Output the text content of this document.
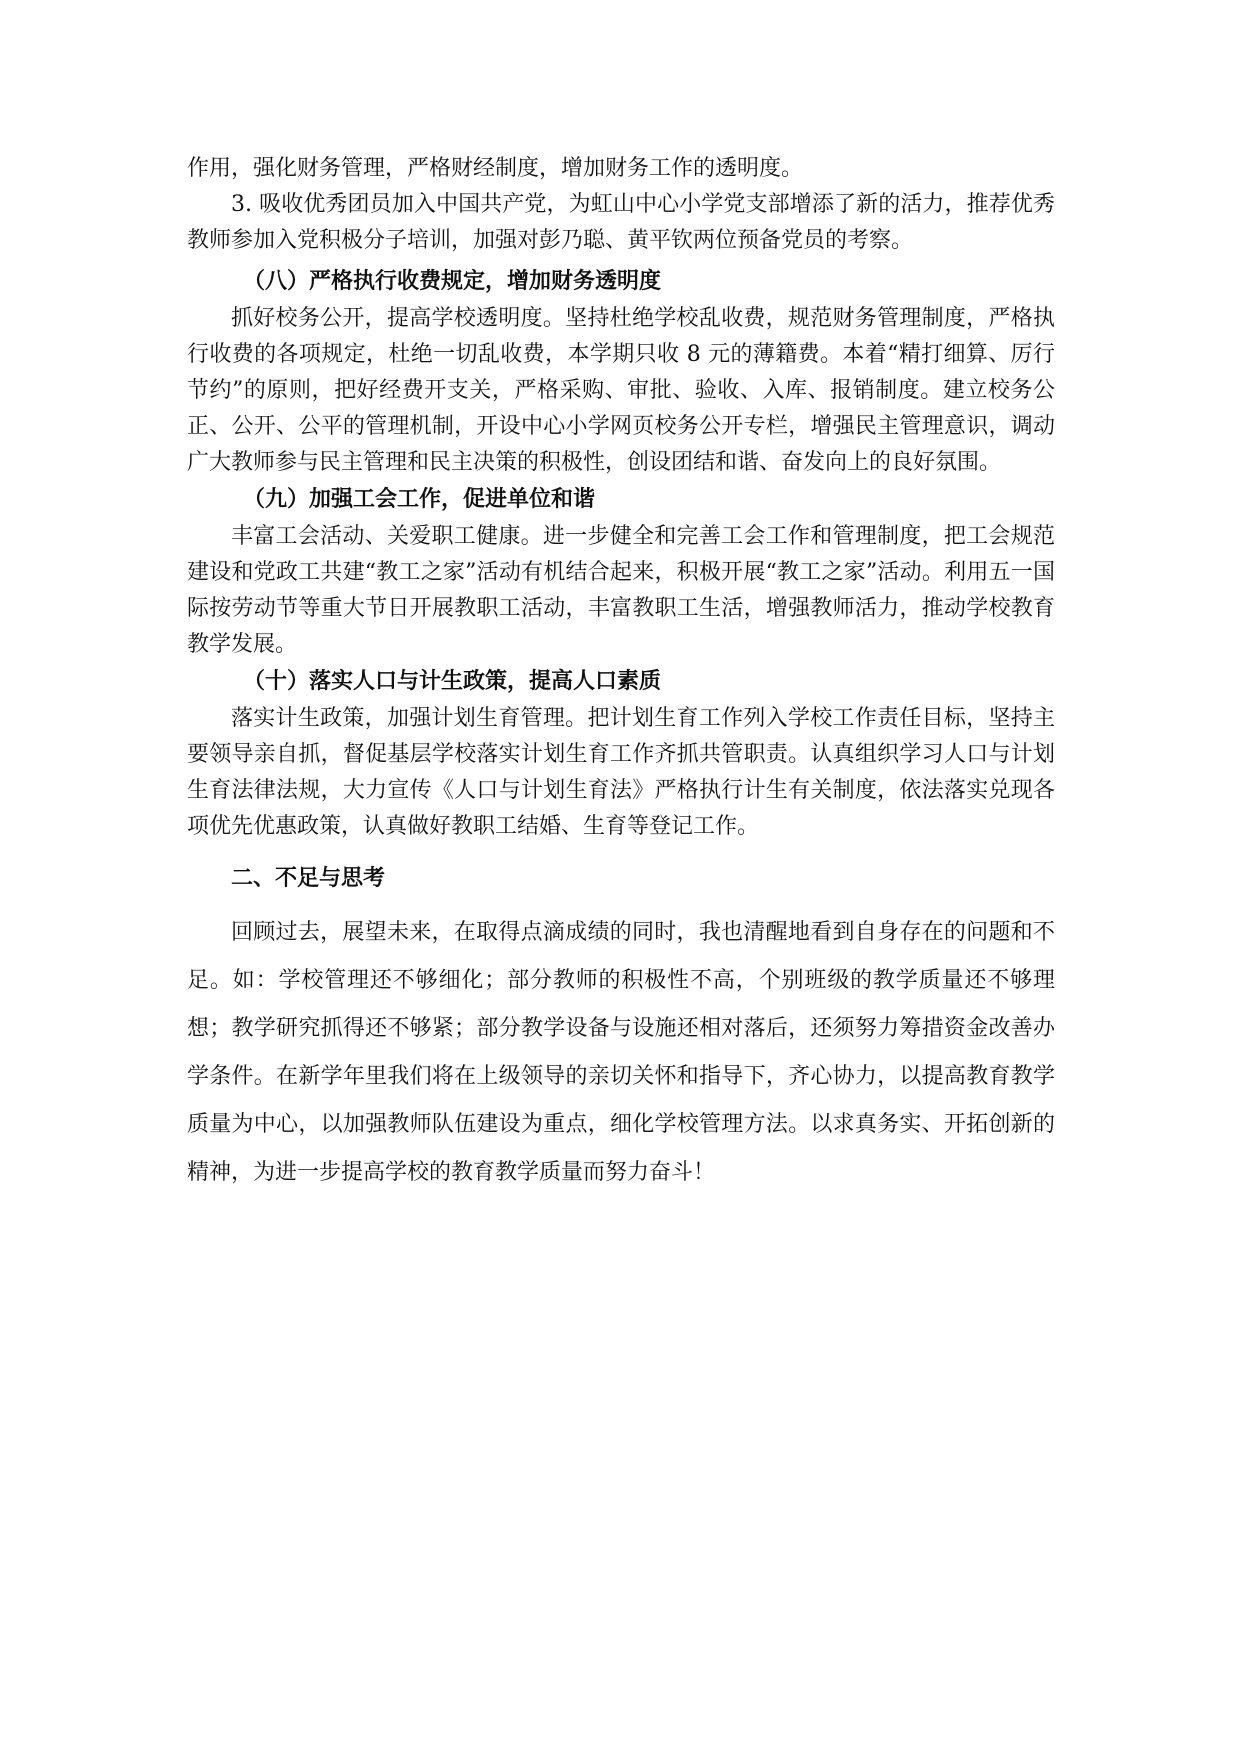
作用，强化财务管理，严格财经制度，增加财务工作的透明度。

3. 吸收优秀团员加入中国共产党，为虹山中心小学党支部增添了新的活力，推荐优秀教师参加入党积极分子培训，加强对彭乃聪、黄平钦两位预备党员的考察。

（八）严格执行收费规定，增加财务透明度

抓好校务公开，提高学校透明度。坚持杜绝学校乱收费，规范财务管理制度，严格执行收费的各项规定，杜绝一切乱收费，本学期只收 8 元的薄籍费。本着“精打细算、厉行节约”的原则，把好经费开支关，严格采购、审批、验收、入库、报销制度。建立校务公正、公开、公平的管理机制，开设中心小学网页校务公开专栏，增强民主管理意识，调动广大教师参与民主管理和民主决策的积极性，创设团结和谐、奋发向上的良好氛围。

（九）加强工会工作，促进单位和谐

丰富工会活动、关爱职工健康。进一步健全和完善工会工作和管理制度，把工会规范建设和党政工共建“教工之家”活动有机结合起来，积极开展“教工之家”活动。利用五一国际按劳动节等重大节日开展教职工活动，丰富教职工生活，增强教师活力，推动学校教育教学发展。

（十）落实人口与计生政策，提高人口素质

落实计生政策，加强计划生育管理。把计划生育工作列入学校工作责任目标，坚持主要领导亲自抓，督促基层学校落实计划生育工作齐抓共管职责。认真组织学习人口与计划生育法律法规，大力宣传《人口与计划生育法》严格执行计生有关制度，依法落实兑现各项优先优惠政策，认真做好教职工结婚、生育等登记工作。

二、不足与思考

回顾过去，展望未来，在取得点滴成绩的同时，我也清醒地看到自身存在的问题和不足。如：学校管理还不够细化；部分教师的积极性不高，个别班级的教学质量还不够理想；教学研究抓得还不够紧；部分教学设备与设施还相对落后，还须努力筹措资金改善办学条件。在新学年里我们将在上级领导的亲切关怀和指导下，齐心协力，以提高教育教学质量为中心，以加强教师队伍建设为重点，细化学校管理方法。以求真务实、开拓创新的精神，为进一步提高学校的教育教学质量而努力奋斗！
